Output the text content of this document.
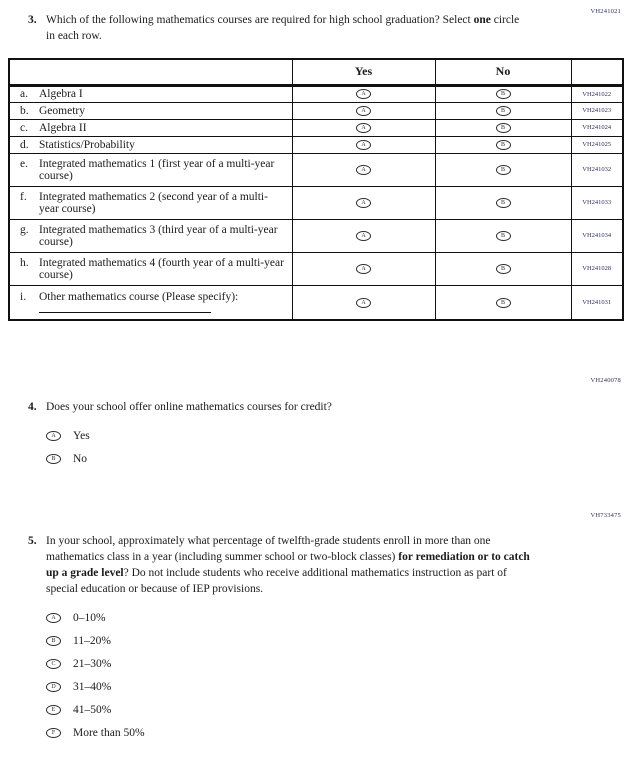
VH241021
3. Which of the following mathematics courses are required for high school graduation? Select one circle in each row.
	Yes	No	

a. Algebra I	A	B	VH241022

b. Geometry	A	B	VH241023

c. Algebra II	A	B	VH241024

d. Statistics/Probability	A	B	VH241025

e. Integrated mathematics 1 (first year of a multi-year course)	A	B	VH241032

f. Integrated mathematics 2 (second year of a multi-year course)	A	B	VH241033

g. Integrated mathematics 3 (third year of a multi-year course)	A	B	VH241034

h. Integrated mathematics 4 (fourth year of a multi-year course)	A	B	VH241028

i. Other mathematics course (Please specify):	A	B	VH241031
VH240078
4. Does your school offer online mathematics courses for credit?
A	Yes
B	No
VH733475
5. In your school, approximately what percentage of twelfth-grade students enroll in more than one mathematics class in a year (including summer school or two-block classes) for remediation or to catch up a grade level? Do not include students who receive additional mathematics instruction as part of special education or because of IEP provisions.
A	0–10%
B	11–20%
C	21–30%
D	31–40%
E	41–50%
F	More than 50%
